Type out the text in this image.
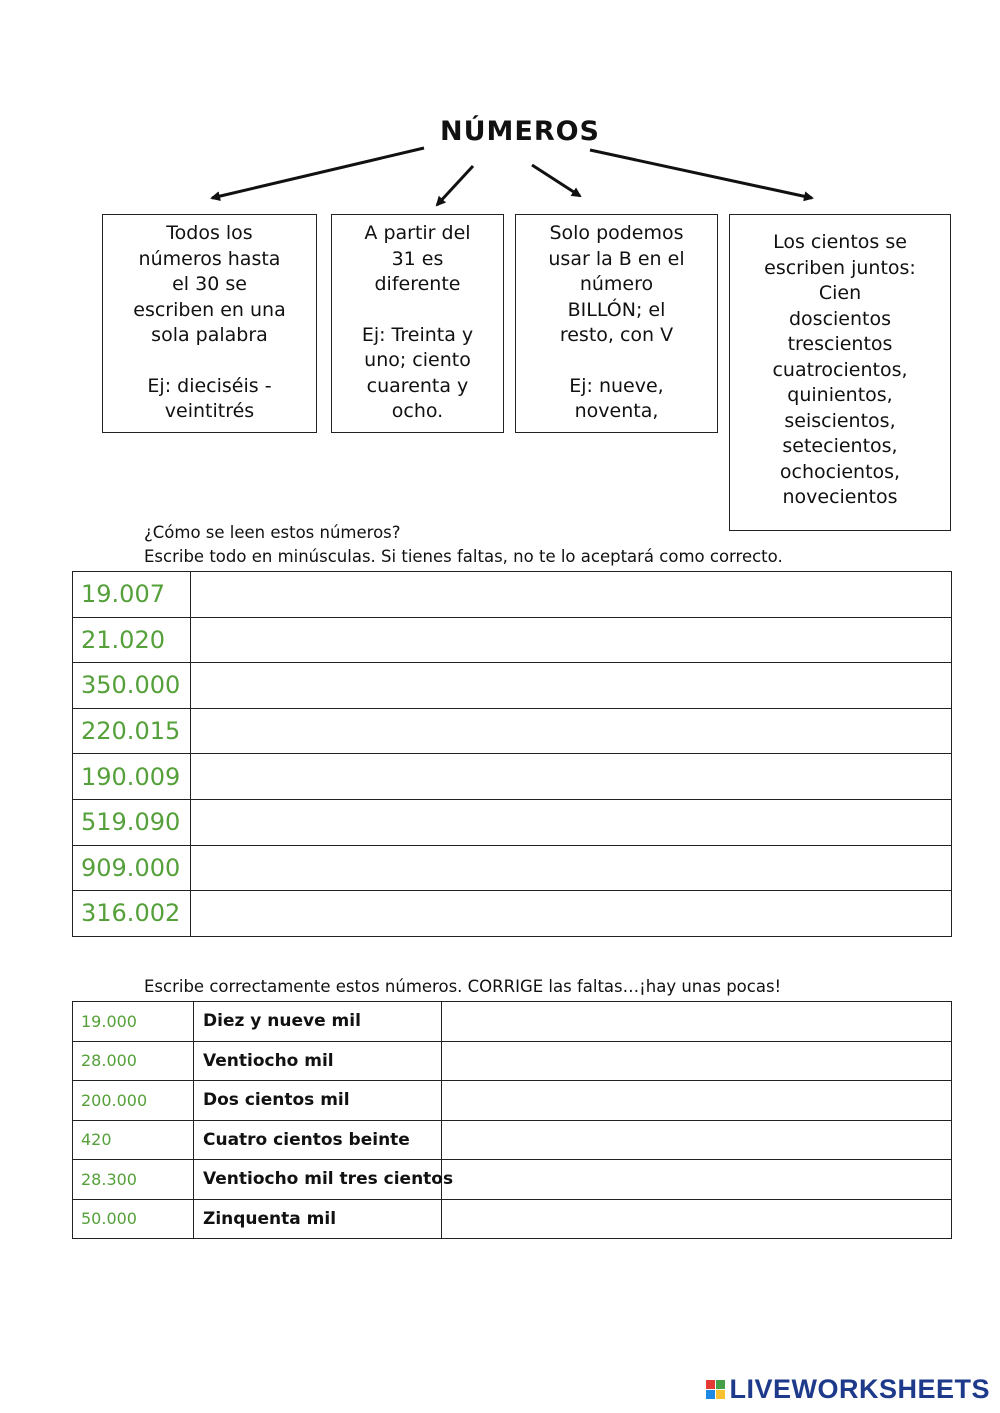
NÚMEROS

Todos los

números hasta

el 30 se

escriben en una

sola palabra

Ej: dieciséis -

veintitrés

A partir del

31 es

diferente

Ej: Treinta y

uno; ciento

cuarenta y

ocho.

Solo podemos

usar la B en el

número

BILLÓN; el

resto, con V

Ej: nueve,

noventa,

Los cientos se

escriben juntos:

Cien

doscientos

trescientos

cuatrocientos,

quinientos,

seiscientos,

setecientos,

ochocientos,

novecientos

¿Cómo se leen estos números?
Escribe todo en minúsculas. Si tienes faltas, no te lo aceptará como correcto.
19.007	
21.020	
350.000	
220.015	
190.009	
519.090	
909.000	
316.002	
Escribe correctamente estos números. CORRIGE las faltas…¡hay unas pocas!
19.000	Diez y nueve mil	
28.000	Ventiocho mil	
200.000	Dos cientos mil	
420	Cuatro cientos beinte	
28.300	Ventiocho mil tres cientos	
50.000	Zinquenta mil	
LIVEWORKSHEETS
